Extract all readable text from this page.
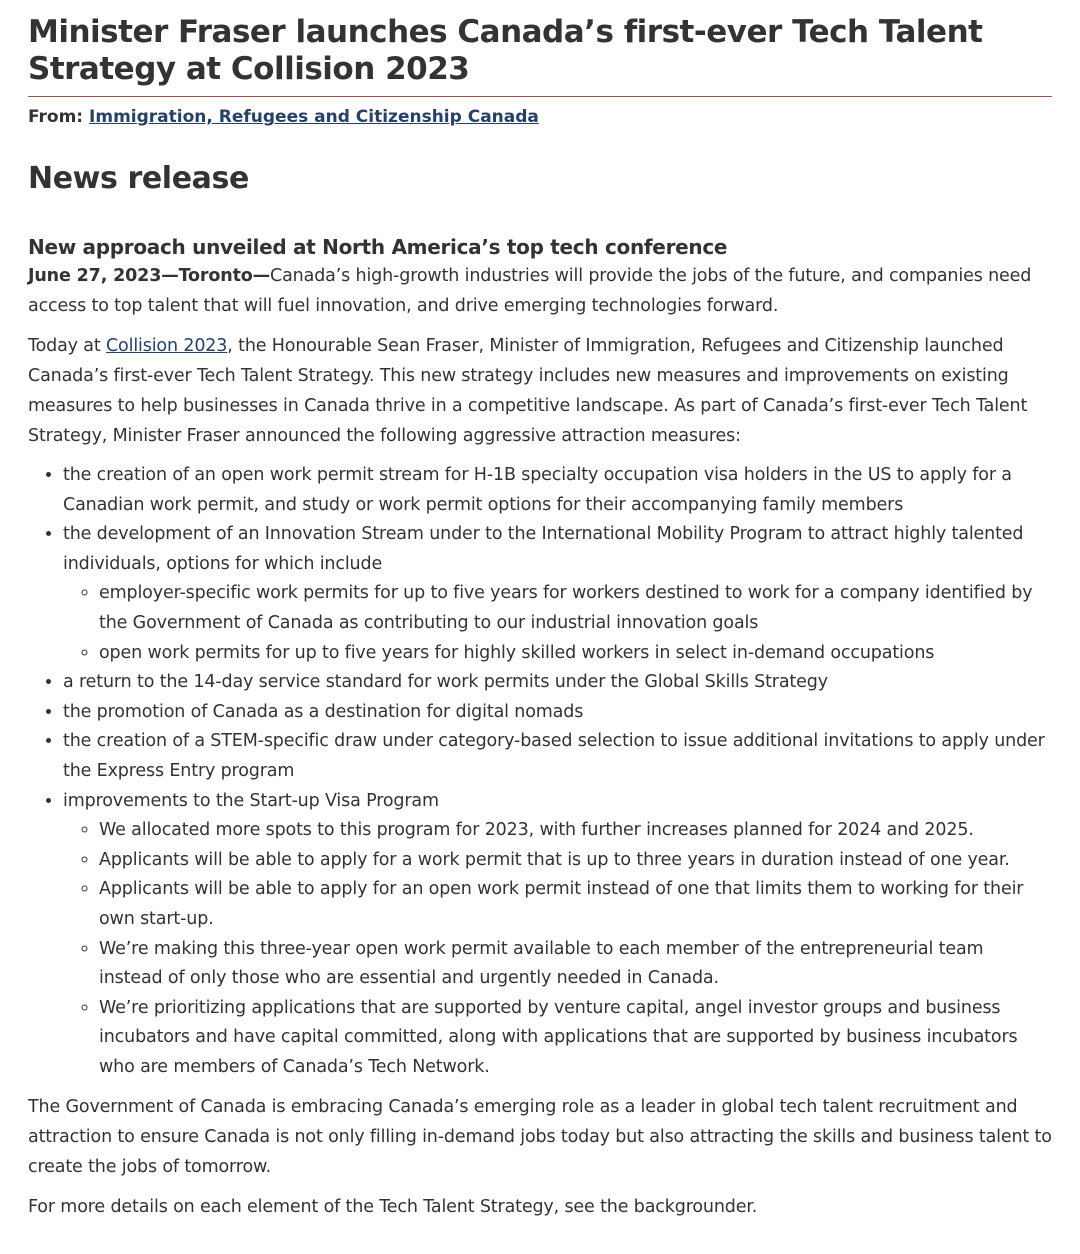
Minister Fraser launches Canada’s first-ever Tech Talent Strategy at Collision 2023
From: Immigration, Refugees and Citizenship Canada
News release
New approach unveiled at North America’s top tech conference

June 27, 2023—Toronto—Canada’s high-growth industries will provide the jobs of the future, and companies need access to top talent that will fuel innovation, and drive emerging technologies forward.

Today at Collision 2023, the Honourable Sean Fraser, Minister of Immigration, Refugees and Citizenship launched Canada’s first-ever Tech Talent Strategy. This new strategy includes new measures and improvements on existing measures to help businesses in Canada thrive in a competitive landscape. As part of Canada’s first-ever Tech Talent Strategy, Minister Fraser announced the following aggressive attraction measures:

• the creation of an open work permit stream for H-1B specialty occupation visa holders in the US to apply for a Canadian work permit, and study or work permit options for their accompanying family members
• the development of an Innovation Stream under to the International Mobility Program to attract highly talented individuals, options for which include
◦ employer-specific work permits for up to five years for workers destined to work for a company identified by the Government of Canada as contributing to our industrial innovation goals
◦ open work permits for up to five years for highly skilled workers in select in-demand occupations
• a return to the 14-day service standard for work permits under the Global Skills Strategy
• the promotion of Canada as a destination for digital nomads
• the creation of a STEM-specific draw under category-based selection to issue additional invitations to apply under the Express Entry program
• improvements to the Start-up Visa Program
◦ We allocated more spots to this program for 2023, with further increases planned for 2024 and 2025.
◦ Applicants will be able to apply for a work permit that is up to three years in duration instead of one year.
◦ Applicants will be able to apply for an open work permit instead of one that limits them to working for their own start-up.
◦ We’re making this three-year open work permit available to each member of the entrepreneurial team instead of only those who are essential and urgently needed in Canada.
◦ We’re prioritizing applications that are supported by venture capital, angel investor groups and business incubators and have capital committed, along with applications that are supported by business incubators who are members of Canada’s Tech Network.

The Government of Canada is embracing Canada’s emerging role as a leader in global tech talent recruitment and attraction to ensure Canada is not only filling in-demand jobs today but also attracting the skills and business talent to create the jobs of tomorrow.

For more details on each element of the Tech Talent Strategy, see the backgrounder.
